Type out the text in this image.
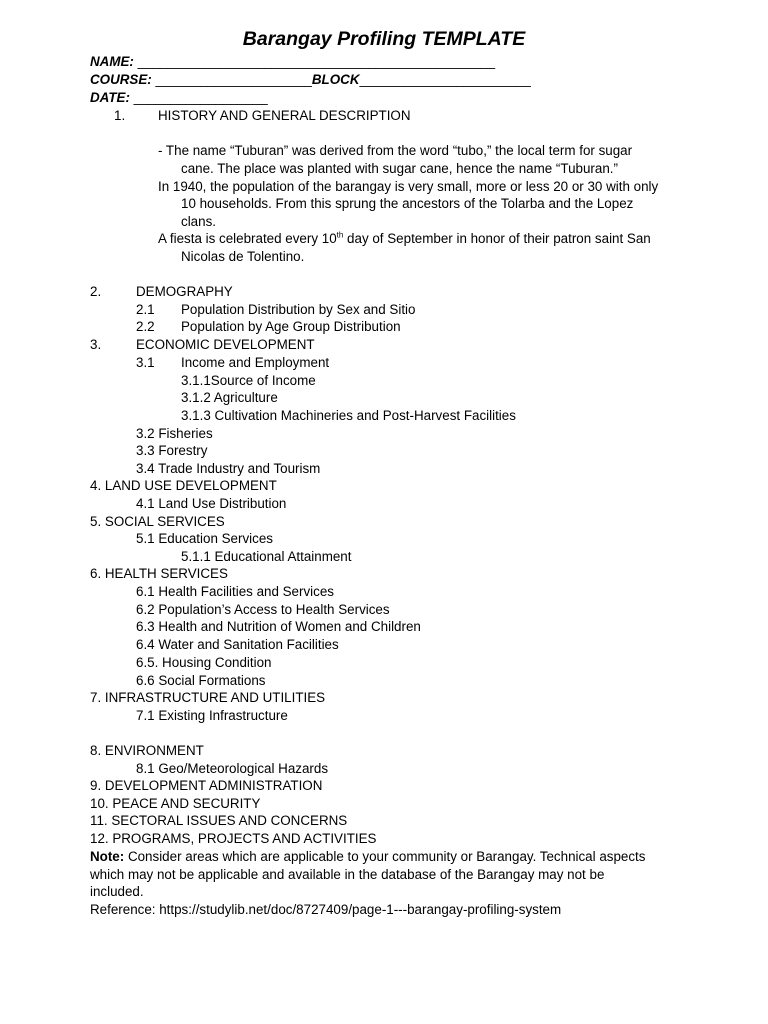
Barangay Profiling TEMPLATE
NAME: ________________________________________________
COURSE: _____________________BLOCK_______________________
DATE: __________________
1. HISTORY AND GENERAL DESCRIPTION
- The name “Tuburan” was derived from the word “tubo,” the local term for sugar
cane. The place was planted with sugar cane, hence the name “Tuburan.”
In 1940, the population of the barangay is very small, more or less 20 or 30 with only
10 households. From this sprung the ancestors of the Tolarba and the Lopez
clans.
A fiesta is celebrated every 10th day of September in honor of their patron saint San
Nicolas de Tolentino.
2.	DEMOGRAPHY
2.1 Population Distribution by Sex and Sitio
2.2 Population by Age Group Distribution
3.	ECONOMIC DEVELOPMENT
3.1 Income and Employment
3.1.1Source of Income
3.1.2 Agriculture
3.1.3 Cultivation Machineries and Post-Harvest Facilities
3.2 Fisheries
3.3 Forestry
3.4 Trade Industry and Tourism
4. LAND USE DEVELOPMENT
4.1 Land Use Distribution
5. SOCIAL SERVICES
5.1 Education Services
5.1.1 Educational Attainment
6. HEALTH SERVICES
6.1 Health Facilities and Services
6.2 Population’s Access to Health Services
6.3 Health and Nutrition of Women and Children
6.4 Water and Sanitation Facilities
6.5. Housing Condition
6.6 Social Formations
7. INFRASTRUCTURE AND UTILITIES
7.1 Existing Infrastructure
8. ENVIRONMENT
8.1 Geo/Meteorological Hazards
9. DEVELOPMENT ADMINISTRATION
10. PEACE AND SECURITY
11. SECTORAL ISSUES AND CONCERNS
12. PROGRAMS, PROJECTS AND ACTIVITIES
Note: Consider areas which are applicable to your community or Barangay. Technical aspects
which may not be applicable and available in the database of the Barangay may not be
included.
Reference: https://studylib.net/doc/8727409/page-1---barangay-profiling-system
